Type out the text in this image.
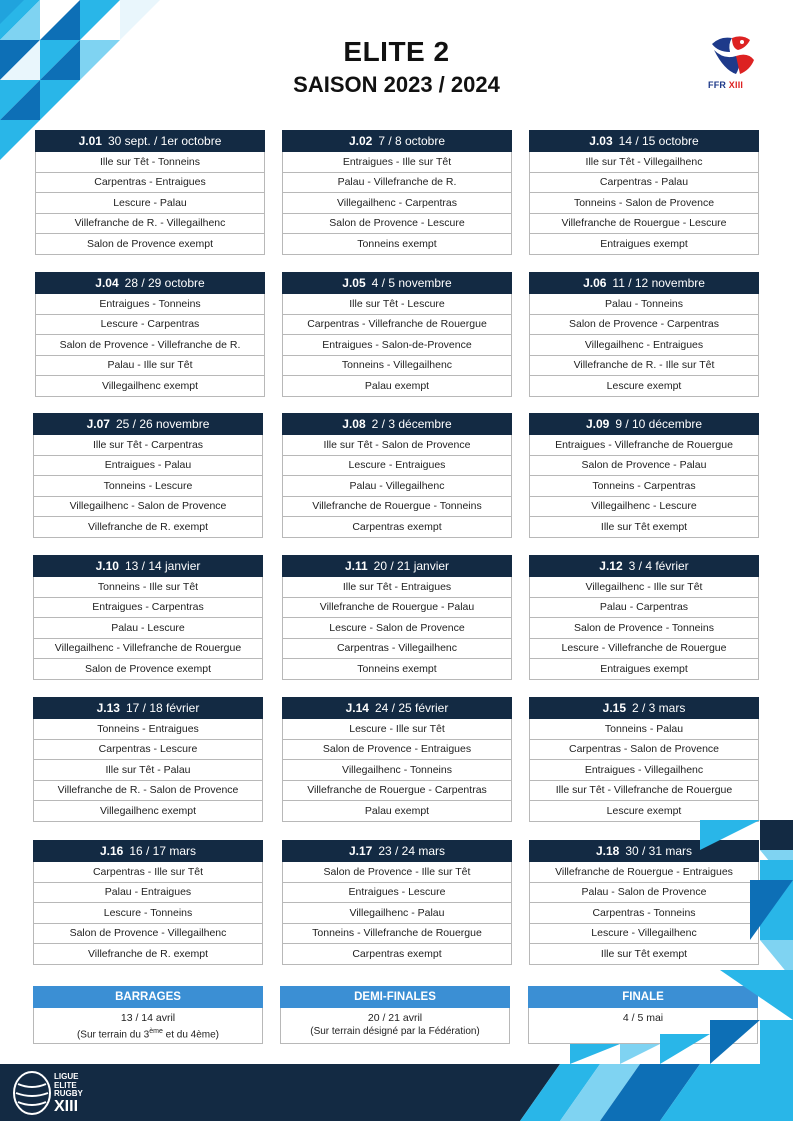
ELITE 2
SAISON 2023 / 2024	FFR XIII
J.01 30 sept. / 1er octobre
Ille sur Têt - Tonneins
Carpentras - Entraigues
Lescure - Palau
Villefranche de R. - Villegailhenc
Salon de Provence exempt
J.02 7 / 8 octobre
Entraigues - Ille sur Têt
Palau - Villefranche de R.
Villegailhenc - Carpentras
Salon de Provence - Lescure
Tonneins exempt
J.03 14 / 15 octobre
Ille sur Têt - Villegailhenc
Carpentras - Palau
Tonneins - Salon de Provence
Villefranche de Rouergue - Lescure
Entraigues exempt
J.04 28 / 29 octobre
Entraigues - Tonneins
Lescure - Carpentras
Salon de Provence - Villefranche de R.
Palau - Ille sur Têt
Villegailhenc exempt
J.05 4 / 5 novembre
Ille sur Têt - Lescure
Carpentras - Villefranche de Rouergue
Entraigues - Salon-de-Provence
Tonneins - Villegailhenc
Palau exempt
J.06 11 / 12 novembre
Palau - Tonneins
Salon de Provence - Carpentras
Villegailhenc - Entraigues
Villefranche de R. - Ille sur Têt
Lescure exempt
J.07 25 / 26 novembre
Ille sur Têt - Carpentras
Entraigues - Palau
Tonneins - Lescure
Villegailhenc - Salon de Provence
Villefranche de R. exempt
J.08 2 / 3 décembre
Ille sur Têt - Salon de Provence
Lescure - Entraigues
Palau - Villegailhenc
Villefranche de Rouergue - Tonneins
Carpentras exempt
J.09 9 / 10 décembre
Entraigues - Villefranche de Rouergue
Salon de Provence - Palau
Tonneins - Carpentras
Villegailhenc - Lescure
Ille sur Têt exempt
J.10 13 / 14 janvier
Tonneins - Ille sur Têt
Entraigues - Carpentras
Palau - Lescure
Villegailhenc - Villefranche de Rouergue
Salon de Provence exempt
J.11 20 / 21 janvier
Ille sur Têt - Entraigues
Villefranche de Rouergue - Palau
Lescure - Salon de Provence
Carpentras - Villegailhenc
Tonneins exempt
J.12 3 / 4 février
Villegailhenc - Ille sur Têt
Palau - Carpentras
Salon de Provence - Tonneins
Lescure - Villefranche de Rouergue
Entraigues exempt
J.13 17 / 18 février
Tonneins - Entraigues
Carpentras - Lescure
Ille sur Têt - Palau
Villefranche de R. - Salon de Provence
Villegailhenc exempt
J.14 24 / 25 février
Lescure - Ille sur Têt
Salon de Provence - Entraigues
Villegailhenc - Tonneins
Villefranche de Rouergue - Carpentras
Palau exempt
J.15 2 / 3 mars
Tonneins - Palau
Carpentras - Salon de Provence
Entraigues - Villegailhenc
Ille sur Têt - Villefranche de Rouergue
Lescure exempt
J.16 16 / 17 mars
Carpentras - Ille sur Têt
Palau - Entraigues
Lescure - Tonneins
Salon de Provence - Villegailhenc
Villefranche de R. exempt
J.17 23 / 24 mars
Salon de Provence - Ille sur Têt
Entraigues - Lescure
Villegailhenc - Palau
Tonneins - Villefranche de Rouergue
Carpentras exempt
J.18 30 / 31 mars
Villefranche de Rouergue - Entraigues
Palau - Salon de Provence
Carpentras - Tonneins
Lescure - Villegailhenc
Ille sur Têt exempt
BARRAGES
13 / 14 avril
(Sur terrain du 3ème et du 4ème)
DEMI-FINALES
20 / 21 avril
(Sur terrain désigné par la Fédération)
FINALE
4 / 5 mai
LIGUE
ELITE
RUGBY
XIII
